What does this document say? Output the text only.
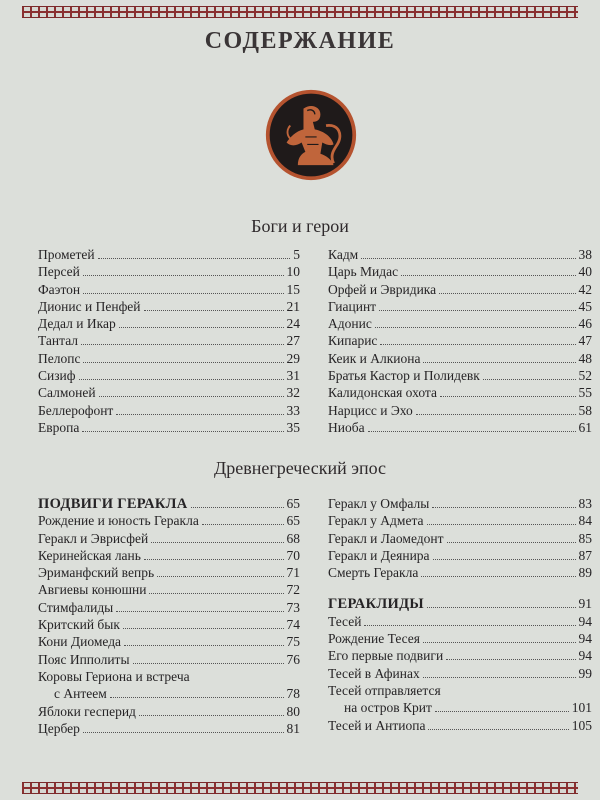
СОДЕРЖАНИЕ
Боги и герои
Прометей	5
Персей	10
Фаэтон	15
Дионис и Пенфей	21
Дедал и Икар	24
Тантал	27
Пелопс	29
Сизиф	31
Салмоней	32
Беллерофонт	33
Европа	35
Кадм	38
Царь Мидас	40
Орфей и Эвридика	42
Гиацинт	45
Адонис	46
Кипарис	47
Кеик и Алкиона	48
Братья Кастор и Полидевк	52
Калидонская охота	55
Нарцисс и Эхо	58
Ниоба	61
Древнегреческий эпос
ПОДВИГИ ГЕРАКЛА	65
Рождение и юность Геракла	65
Геракл и Эврисфей	68
Керинейская лань	70
Эриманфский вепрь	71
Авгиевы конюшни	72
Стимфалиды	73
Критский бык	74
Кони Диомеда	75
Пояс Ипполиты	76
Коровы Гериона и встреча
с Антеем	78
Яблоки гесперид	80
Цербер	81
Геракл у Омфалы	83
Геракл у Адмета	84
Геракл и Лаомедонт	85
Геракл и Деянира	87
Смерть Геракла	89
ГЕРАКЛИДЫ	91
Тесей	94
Рождение Тесея	94
Его первые подвиги	94
Тесей в Афинах	99
Тесей отправляется
на остров Крит	101
Тесей и Антиопа	105
